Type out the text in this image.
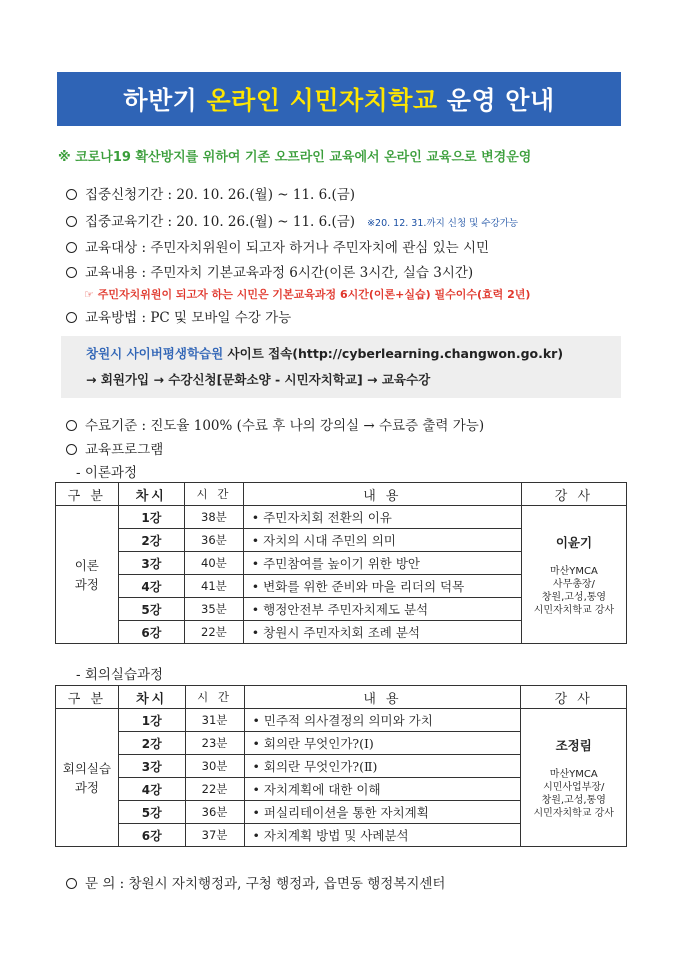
하반기 온라인 시민자치학교 운영 안내
※ 코로나19 확산방지를 위하여 기존 오프라인 교육에서 온라인 교육으로 변경운영
집중신청기간 : 20. 10. 26.(월) ~ 11. 6.(금)
집중교육기간 : 20. 10. 26.(월) ~ 11. 6.(금) ※20. 12. 31.까지 신청 및 수강가능
교육대상 : 주민자치위원이 되고자 하거나 주민자치에 관심 있는 시민
교육내용 : 주민자치 기본교육과정 6시간(이론 3시간, 실습 3시간)
☞ 주민자치위원이 되고자 하는 시민은 기본교육과정 6시간(이론+실습) 필수이수(효력 2년)
교육방법 : PC 및 모바일 수강 가능
창원시 사이버평생학습원 사이트 접속(http://cyberlearning.changwon.go.kr)
→ 회원가입 → 수강신청[문화소양 - 시민자치학교] → 교육수강
수료기준 : 진도율 100% (수료 후 나의 강의실 → 수료증 출력 가능)
교육프로그램
- 이론과정
구 분	차시	시 간	내 용	강 사

이론
과정	1강	38분	• 주민자치회 전환의 이유	이윤기
마산YMCA
사무총장/
창원,고성,통영
시민자치학교 강사

	2강	36분	• 자치의 시대 주민의 의미	
	3강	40분	• 주민참여를 높이기 위한 방안	
	4강	41분	• 변화를 위한 준비와 마을 리더의 덕목	
	5강	35분	• 행정안전부 주민자치제도 분석	
	6강	22분	• 창원시 주민자치회 조례 분석	
- 회의실습과정
구 분	차시	시 간	내 용	강 사

회의실습
과정	1강	31분	• 민주적 의사결정의 의미와 가치	조정림
마산YMCA
시민사업부장/
창원,고성,통영
시민자치학교 강사

	2강	23분	• 회의란 무엇인가?(Ⅰ)	
	3강	30분	• 회의란 무엇인가?(Ⅱ)	
	4강	22분	• 자치계획에 대한 이해	
	5강	36분	• 퍼실리테이션을 통한 자치계획	
	6강	37분	• 자치계획 방법 및 사례분석	
문 의 : 창원시 자치행정과, 구청 행정과, 읍면동 행정복지센터
